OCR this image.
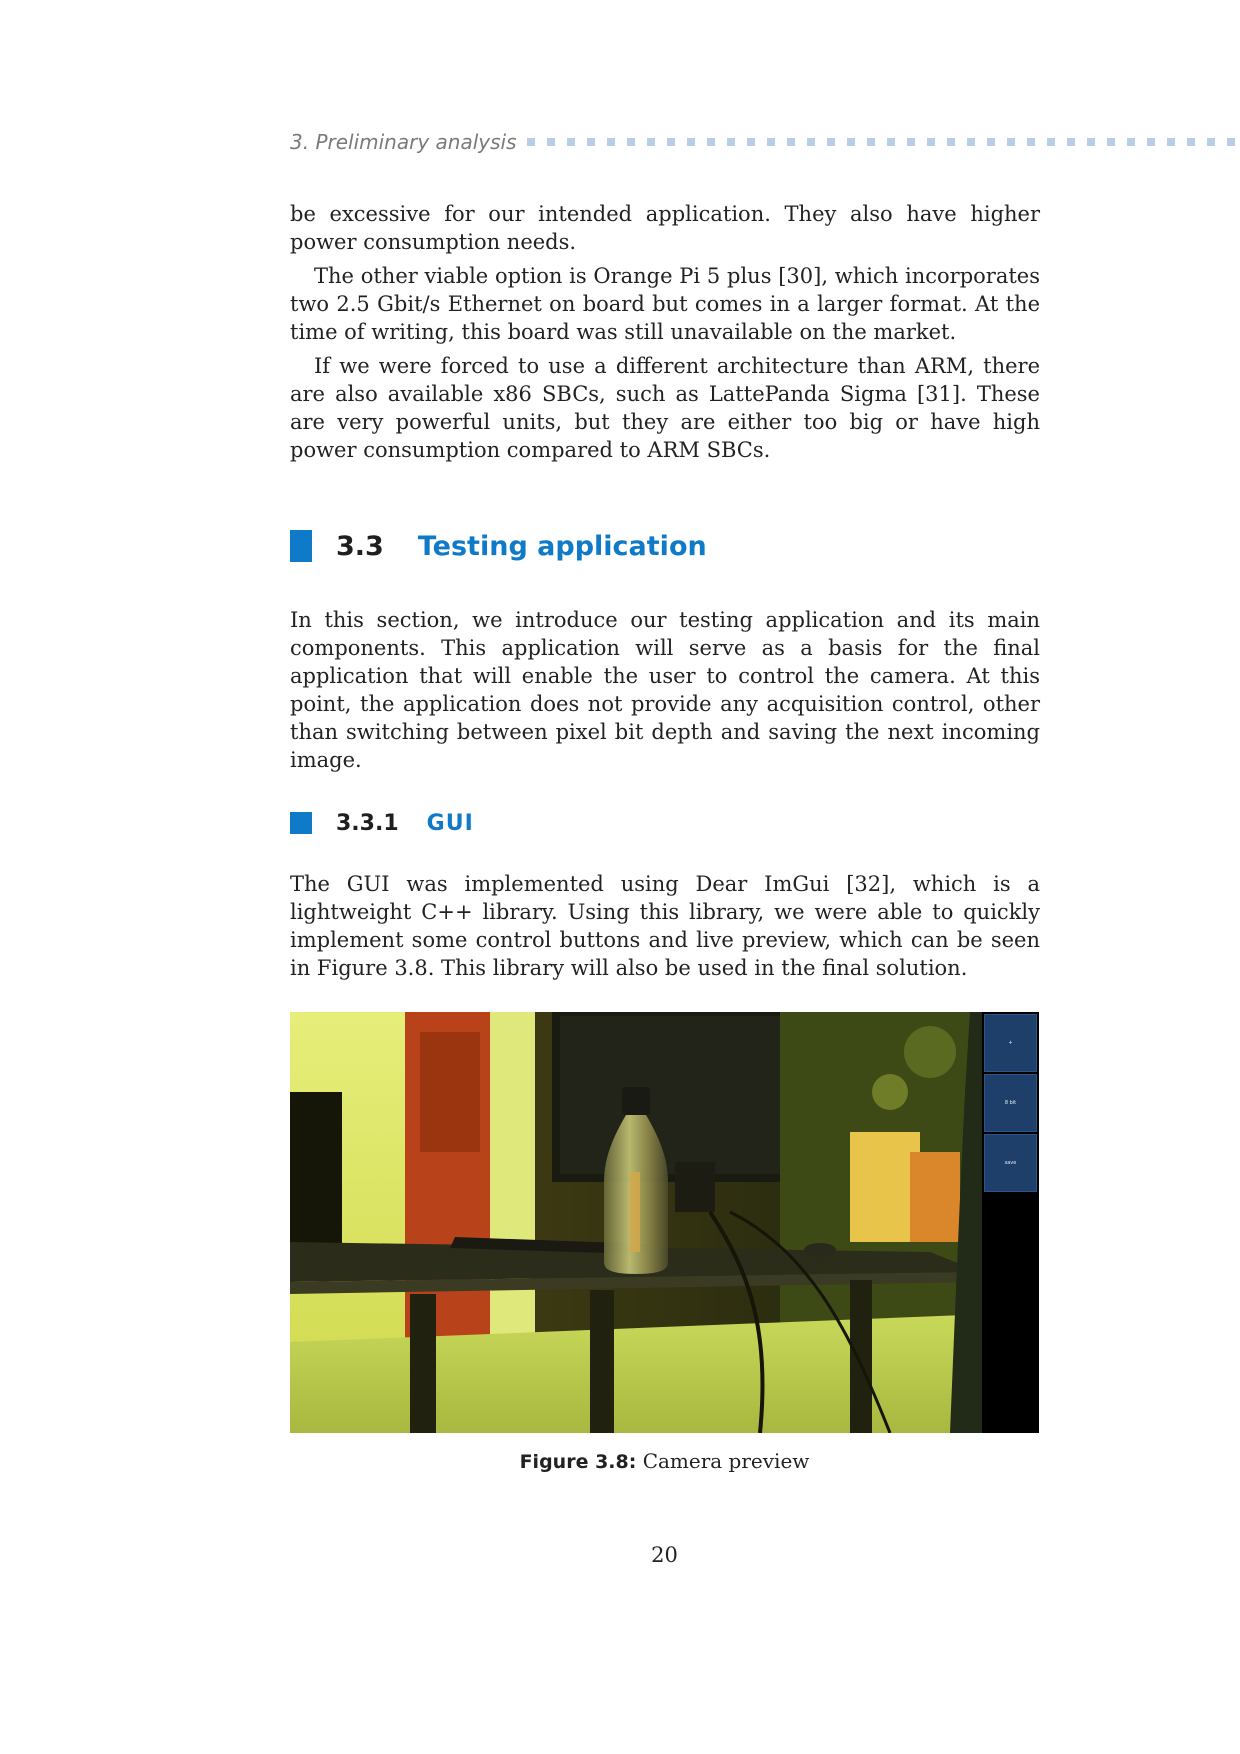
3. Preliminary analysis

be excessive for our intended application. They also have higher power consumption needs.

The other viable option is Orange Pi 5 plus [30], which incorporates two 2.5 Gbit/s Ethernet on board but comes in a larger format. At the time of writing, this board was still unavailable on the market.

If we were forced to use a different architecture than ARM, there are also available x86 SBCs, such as LattePanda Sigma [31]. These are very powerful units, but they are either too big or have high power consumption compared to ARM SBCs.

3.3 Testing application

In this section, we introduce our testing application and its main components. This application will serve as a basis for the final application that will enable the user to control the camera. At this point, the application does not provide any acquisition control, other than switching between pixel bit depth and saving the next incoming image.

3.3.1 GUI

The GUI was implemented using Dear ImGui [32], which is a lightweight C++ library. Using this library, we were able to quickly implement some control buttons and live preview, which can be seen in Figure 3.8. This library will also be used in the final solution.

+
8 bit
save
Figure 3.8: Camera preview
20
